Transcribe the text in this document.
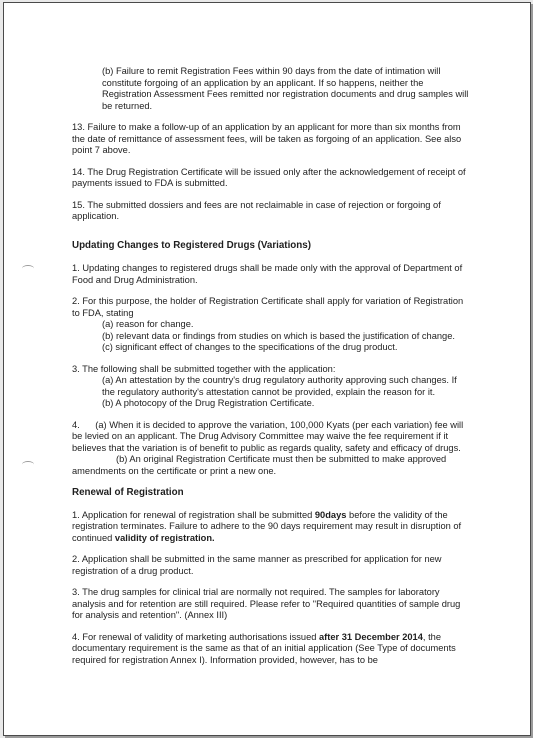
(b) Failure to remit Registration Fees within 90 days from the date of intimation will constitute forgoing of an application by an applicant. If so happens, neither the Registration Assessment Fees remitted nor registration documents and drug samples will be returned.

13. Failure to make a follow-up of an application by an applicant for more than six months from the date of remittance of assessment fees, will be taken as forgoing of an application. See also point 7 above.

14. The Drug Registration Certificate will be issued only after the acknowledgement of receipt of payments issued to FDA is submitted.

15. The submitted dossiers and fees are not reclaimable in case of rejection or forgoing of application.

Updating Changes to Registered Drugs (Variations)

1. Updating changes to registered drugs shall be made only with the approval of Department of Food and Drug Administration.

2. For this purpose, the holder of Registration Certificate shall apply for variation of Registration to FDA, stating

(a) reason for change.

(b) relevant data or findings from studies on which is based the justification of change.

(c) significant effect of changes to the specifications of the drug product.

3. The following shall be submitted together with the application:

(a) An attestation by the country's drug regulatory authority approving such changes. If the regulatory authority's attestation cannot be provided, explain the reason for it.

(b) A photocopy of the Drug Registration Certificate.

4.      (a) When it is decided to approve the variation, 100,000 Kyats (per each variation) fee will be levied on an applicant. The Drug Advisory Committee may waive the fee requirement if it believes that the variation is of benefit to public as regards quality, safety and efficacy of drugs.

(b) An original Registration Certificate must then be submitted to make approved amendments on the certificate or print a new one.

Renewal of Registration

1. Application for renewal of registration shall be submitted 90days before the validity of the registration terminates. Failure to adhere to the 90 days requirement may result in disruption of continued validity of registration.

2. Application shall be submitted in the same manner as prescribed for application for new registration of a drug product.

3. The drug samples for clinical trial are normally not required. The samples for laboratory analysis and for retention are still required. Please refer to "Required quantities of sample drug for analysis and retention". (Annex III)

4. For renewal of validity of marketing authorisations issued after 31 December 2014, the documentary requirement is the same as that of an initial application (See Type of documents required for registration Annex I). Information provided, however, has to be
